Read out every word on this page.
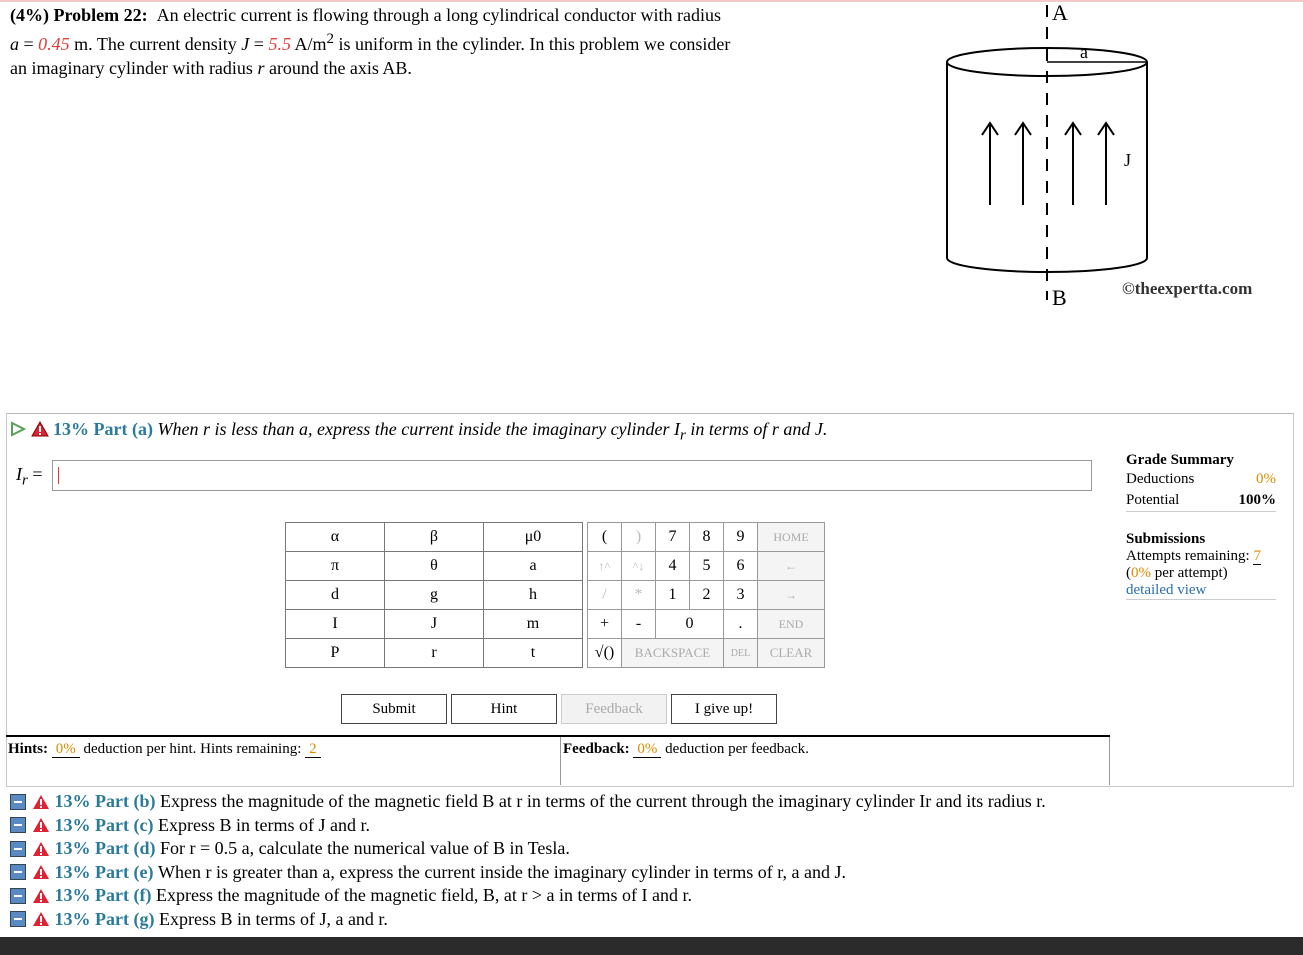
(4%) Problem 22: An electric current is flowing through a long cylindrical conductor with radius
a = 0.45 m. The current density J = 5.5 $A/m^2$ is uniform in the cylinder. In this problem we consider
an imaginary cylinder with radius r around the axis AB.
A
B
a
J
©theexpertta.com
13% Part (a) When r is less than a, express the current inside the imaginary cylinder $I_r$ in terms of r and J.
$I_r$ =
Grade Summary
Deductions	0%
Potential	100%
Submissions
Attempts remaining: 7
(0% per attempt)
detailed view
α	β	μ0
π	θ	a
d	g	h
I	J	m
P	r	t
(	)	7	8	9	HOME
↑^	^↓	4	5	6	←
/	*	1	2	3	→
+	-	0		.	END
√()	BACKSPACE			DEL	CLEAR
Submit	Hint	Feedback	I give up!
Hints: 0% deduction per hint. Hints remaining: 2	Feedback: 0% deduction per feedback.

13% Part (b)
Express the magnitude of the magnetic field B at r in terms of the current through the imaginary cylinder Ir and its radius r.

13% Part (c)
Express B in terms of J and r.

13% Part (d)
For r = 0.5 a, calculate the numerical value of B in Tesla.

13% Part (e)
When r is greater than a, express the current inside the imaginary cylinder in terms of r, a and J.

13% Part (f)
Express the magnitude of the magnetic field, B, at r > a in terms of I and r.

13% Part (g)
Express B in terms of J, a and r.
